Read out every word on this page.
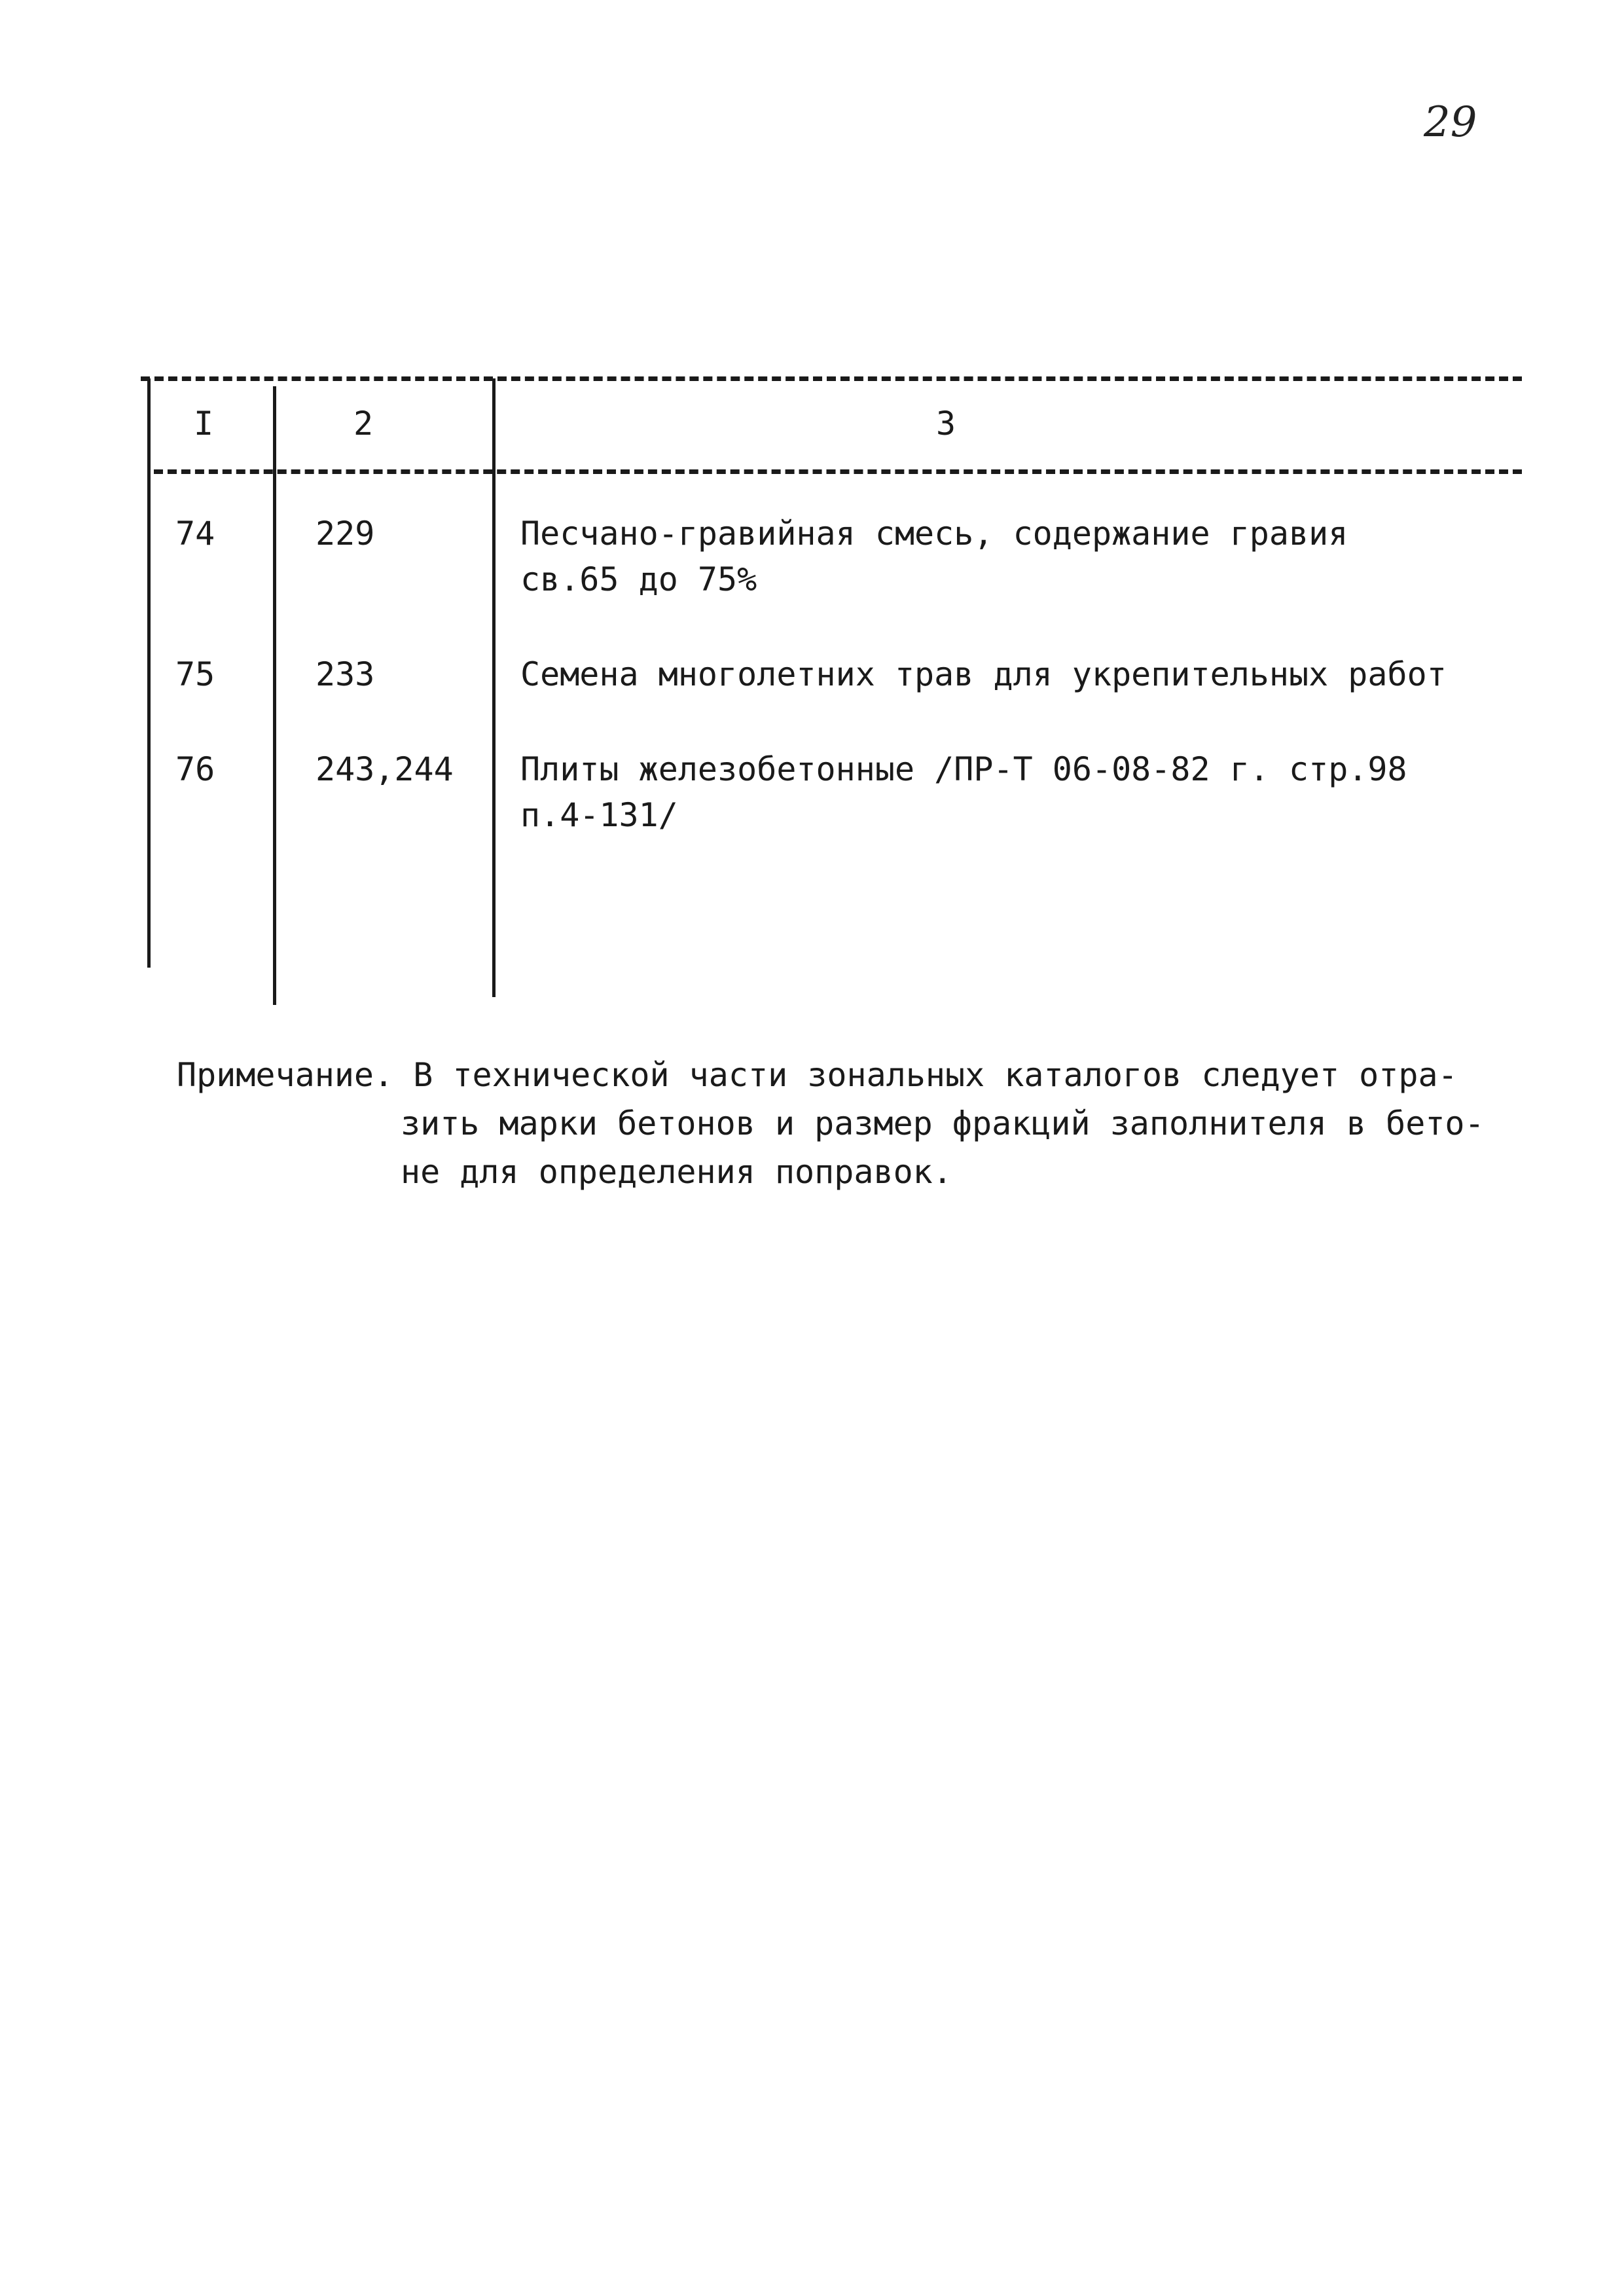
29
I	2	3
74	229	Песчано-гравийная смесь, содержание гравия
св.65 до 75%
75	233	Семена многолетних трав для укрепительных работ
76	243,244 Плиты железобетонные /ПР-Т 06-08-82 г. стр.98
п.4-131/
Примечание. В технической части зональных каталогов следует отра-
зить марки бетонов и размер фракций заполнителя в бето-
не для определения поправок.
